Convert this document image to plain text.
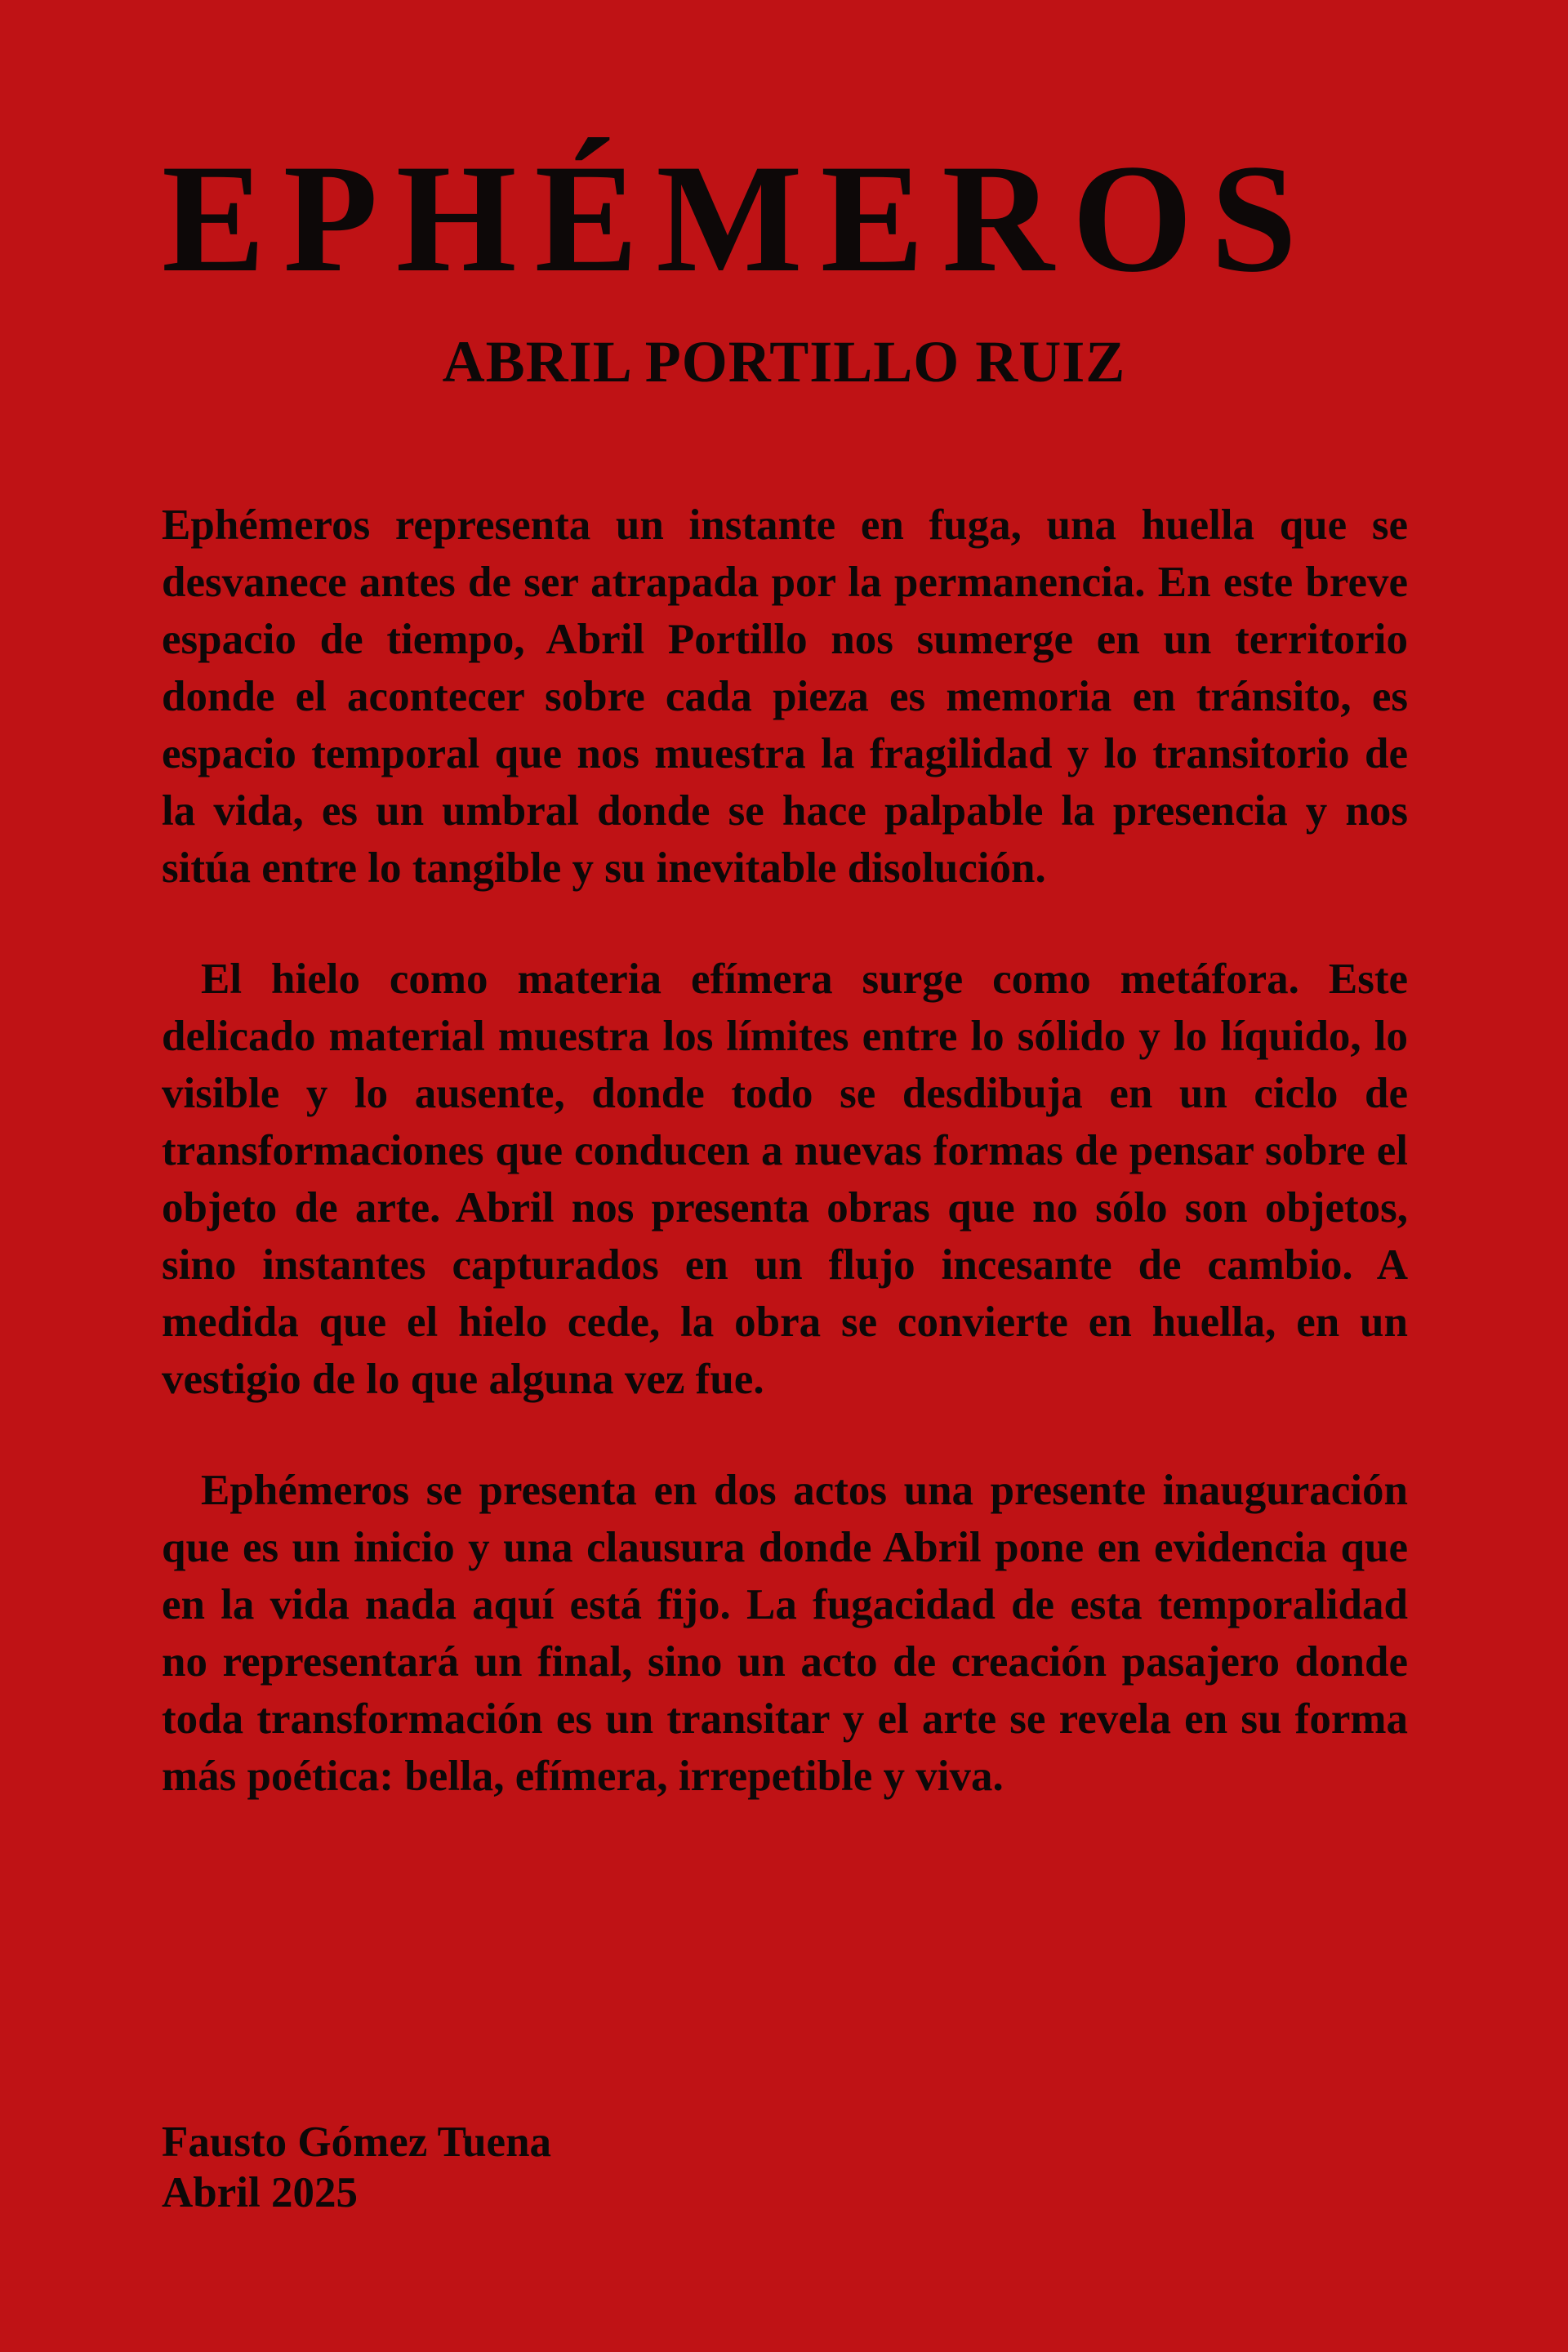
EPHÉMEROS
ABRIL PORTILLO RUIZ

Ephémeros representa un instante en fuga, una huella que se desvanece antes de ser atrapada por la permanencia. En este breve espacio de tiempo, Abril Portillo nos sumerge en un territorio donde el acontecer sobre cada pieza es memoria en tránsito, es espacio temporal que nos muestra la fragilidad y lo transitorio de la vida, es un umbral donde se hace palpable la presencia y nos sitúa entre lo tangible y su inevitable disolución.

El hielo como materia efímera surge como metáfora. Este delicado material muestra los límites entre lo sólido y lo líquido, lo visible y lo ausente, donde todo se desdibuja en un ciclo de transformaciones que conducen a nuevas formas de pensar sobre el objeto de arte. Abril nos presenta obras que no sólo son objetos, sino instantes capturados en un flujo incesante de cambio. A medida que el hielo cede, la obra se convierte en huella, en un vestigio de lo que alguna vez fue.

Ephémeros se presenta en dos actos una presente inauguración que es un inicio y una clausura donde Abril pone en evidencia que en la vida nada aquí está fijo. La fugacidad de esta temporalidad no representará un final, sino un acto de creación pasajero donde toda transformación es un transitar y el arte se revela en su forma más poética: bella, efímera, irrepetible y viva.

Fausto Gómez Tuena
Abril 2025
